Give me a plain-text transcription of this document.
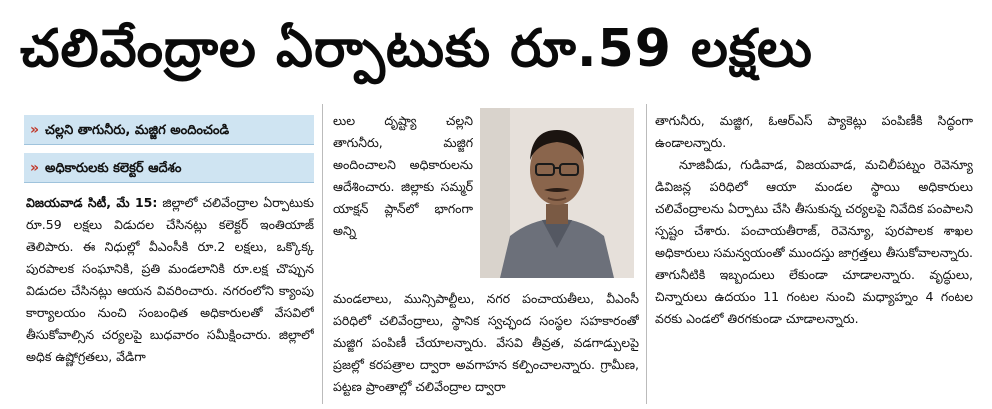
చలివేంద్రాల ఏర్పాటుకు రూ.59 లక్షలు
» చల్లని తాగునీరు, మజ్జిగ అందించండి
» అధికారులకు కలెక్టర్‌ ఆదేశం

విజయవాడ సిటీ, మే 15: జిల్లాలో చలివేంద్రాల ఏర్పాటుకు రూ.59 లక్షలు విడుదల చేసినట్లు కలెక్టర్‌ ఇంతియాజ్‌ తెలిపారు. ఈ నిధుల్లో వీఎంసీకి రూ.2 లక్షలు, ఒక్కొక్క పురపాలక సంఘానికి, ప్రతి మండలానికి రూ.లక్ష చొప్పున విడుదల చేసినట్లు ఆయన వివరించారు. నగరంలోని క్యాంపు కార్యాలయం నుంచి సంబంధిత అధికారులతో వేసవిలో తీసుకోవాల్సిన చర్యలపై బుధవారం సమీక్షించారు. జిల్లాలో అధిక ఉష్ణోగ్రతలు, వేడిగా

లుల దృష్ట్యా చల్లని తాగునీరు, మజ్జిగ అందించాలని అధికారులను ఆదేశించారు. జిల్లాకు సమ్మర్‌ యాక్షన్‌ ప్లాన్‌లో భాగంగా అన్ని

మండలాలు, మున్సిపాల్టీలు, నగర పంచాయతీలు, వీఎంసీ పరిధిలో చలివేంద్రాలు, స్థానిక స్వచ్ఛంద సంస్థల సహకారంతో మజ్జిగ పంపిణీ చేయాలన్నారు. వేసవి తీవ్రత, వడగాడ్పులపై ప్రజల్లో కరపత్రాల ద్వారా అవగాహన కల్పించాలన్నారు. గ్రామీణ, పట్టణ ప్రాంతాల్లో చలివేంద్రాల ద్వారా

తాగునీరు, మజ్జిగ, ఓఆర్‌ఎస్‌ ప్యాకెట్లు పంపిణీకి సిద్ధంగా ఉండాలన్నారు.

నూజివీడు, గుడివాడ, విజయవాడ, మచిలీపట్నం రెవెన్యూ డివిజన్ల పరిధిలో ఆయా మండల స్థాయి అధికారులు చలివేంద్రాలను ఏర్పాటు చేసి తీసుకున్న చర్యలపై నివేదిక పంపాలని స్పష్టం చేశారు. పంచాయతీరాజ్‌, రెవెన్యూ, పురపాలక శాఖల అధికారులు సమన్వయంతో ముందస్తు జాగ్రత్తలు తీసుకోవాలన్నారు. తాగునీటికి ఇబ్బందులు లేకుండా చూడాలన్నారు. వృద్ధులు, చిన్నారులు ఉదయం 11 గంటల నుంచి మధ్యాహ్నం 4 గంటల వరకు ఎండలో తిరగకుండా చూడాలన్నారు.
